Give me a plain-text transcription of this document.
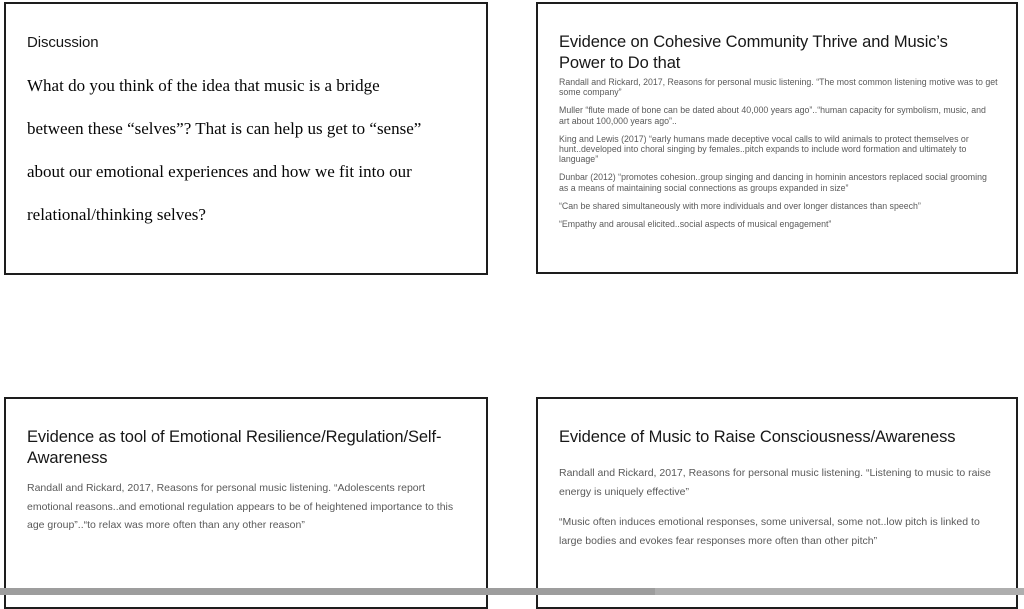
Discussion
What do you think of the idea that music is a bridge
between these “selves”? That is can help us get to “sense”
about our emotional experiences and how we fit into our
relational/thinking selves?
Evidence on Cohesive Community Thrive and Music’s Power to Do that

Randall and Rickard, 2017, Reasons for personal music listening. “The most common listening motive was to get some company”

Muller “flute made of bone can be dated about 40,000 years ago”..“human capacity for symbolism, music, and art about 100,000 years ago”..

King and Lewis (2017) “early humans made deceptive vocal calls to wild animals to protect themselves or hunt..developed into choral singing by females..pitch expands to include word formation and ultimately to language”

Dunbar (2012) “promotes cohesion..group singing and dancing in hominin ancestors replaced social grooming as a means of maintaining social connections as groups expanded in size”

“Can be shared simultaneously with more individuals and over longer distances than speech”

“Empathy and arousal elicited..social aspects of musical engagement”

Evidence as tool of Emotional Resilience/Regulation/Self-Awareness

Randall and Rickard, 2017, Reasons for personal music listening. “Adolescents report emotional reasons..and emotional regulation appears to be of heightened importance to this age group”..“to relax was more often than any other reason”

Evidence of Music to Raise Consciousness/Awareness

Randall and Rickard, 2017, Reasons for personal music listening. “Listening to music to raise energy is uniquely effective”

“Music often induces emotional responses, some universal, some not..low pitch is linked to large bodies and evokes fear responses more often than other pitch”
